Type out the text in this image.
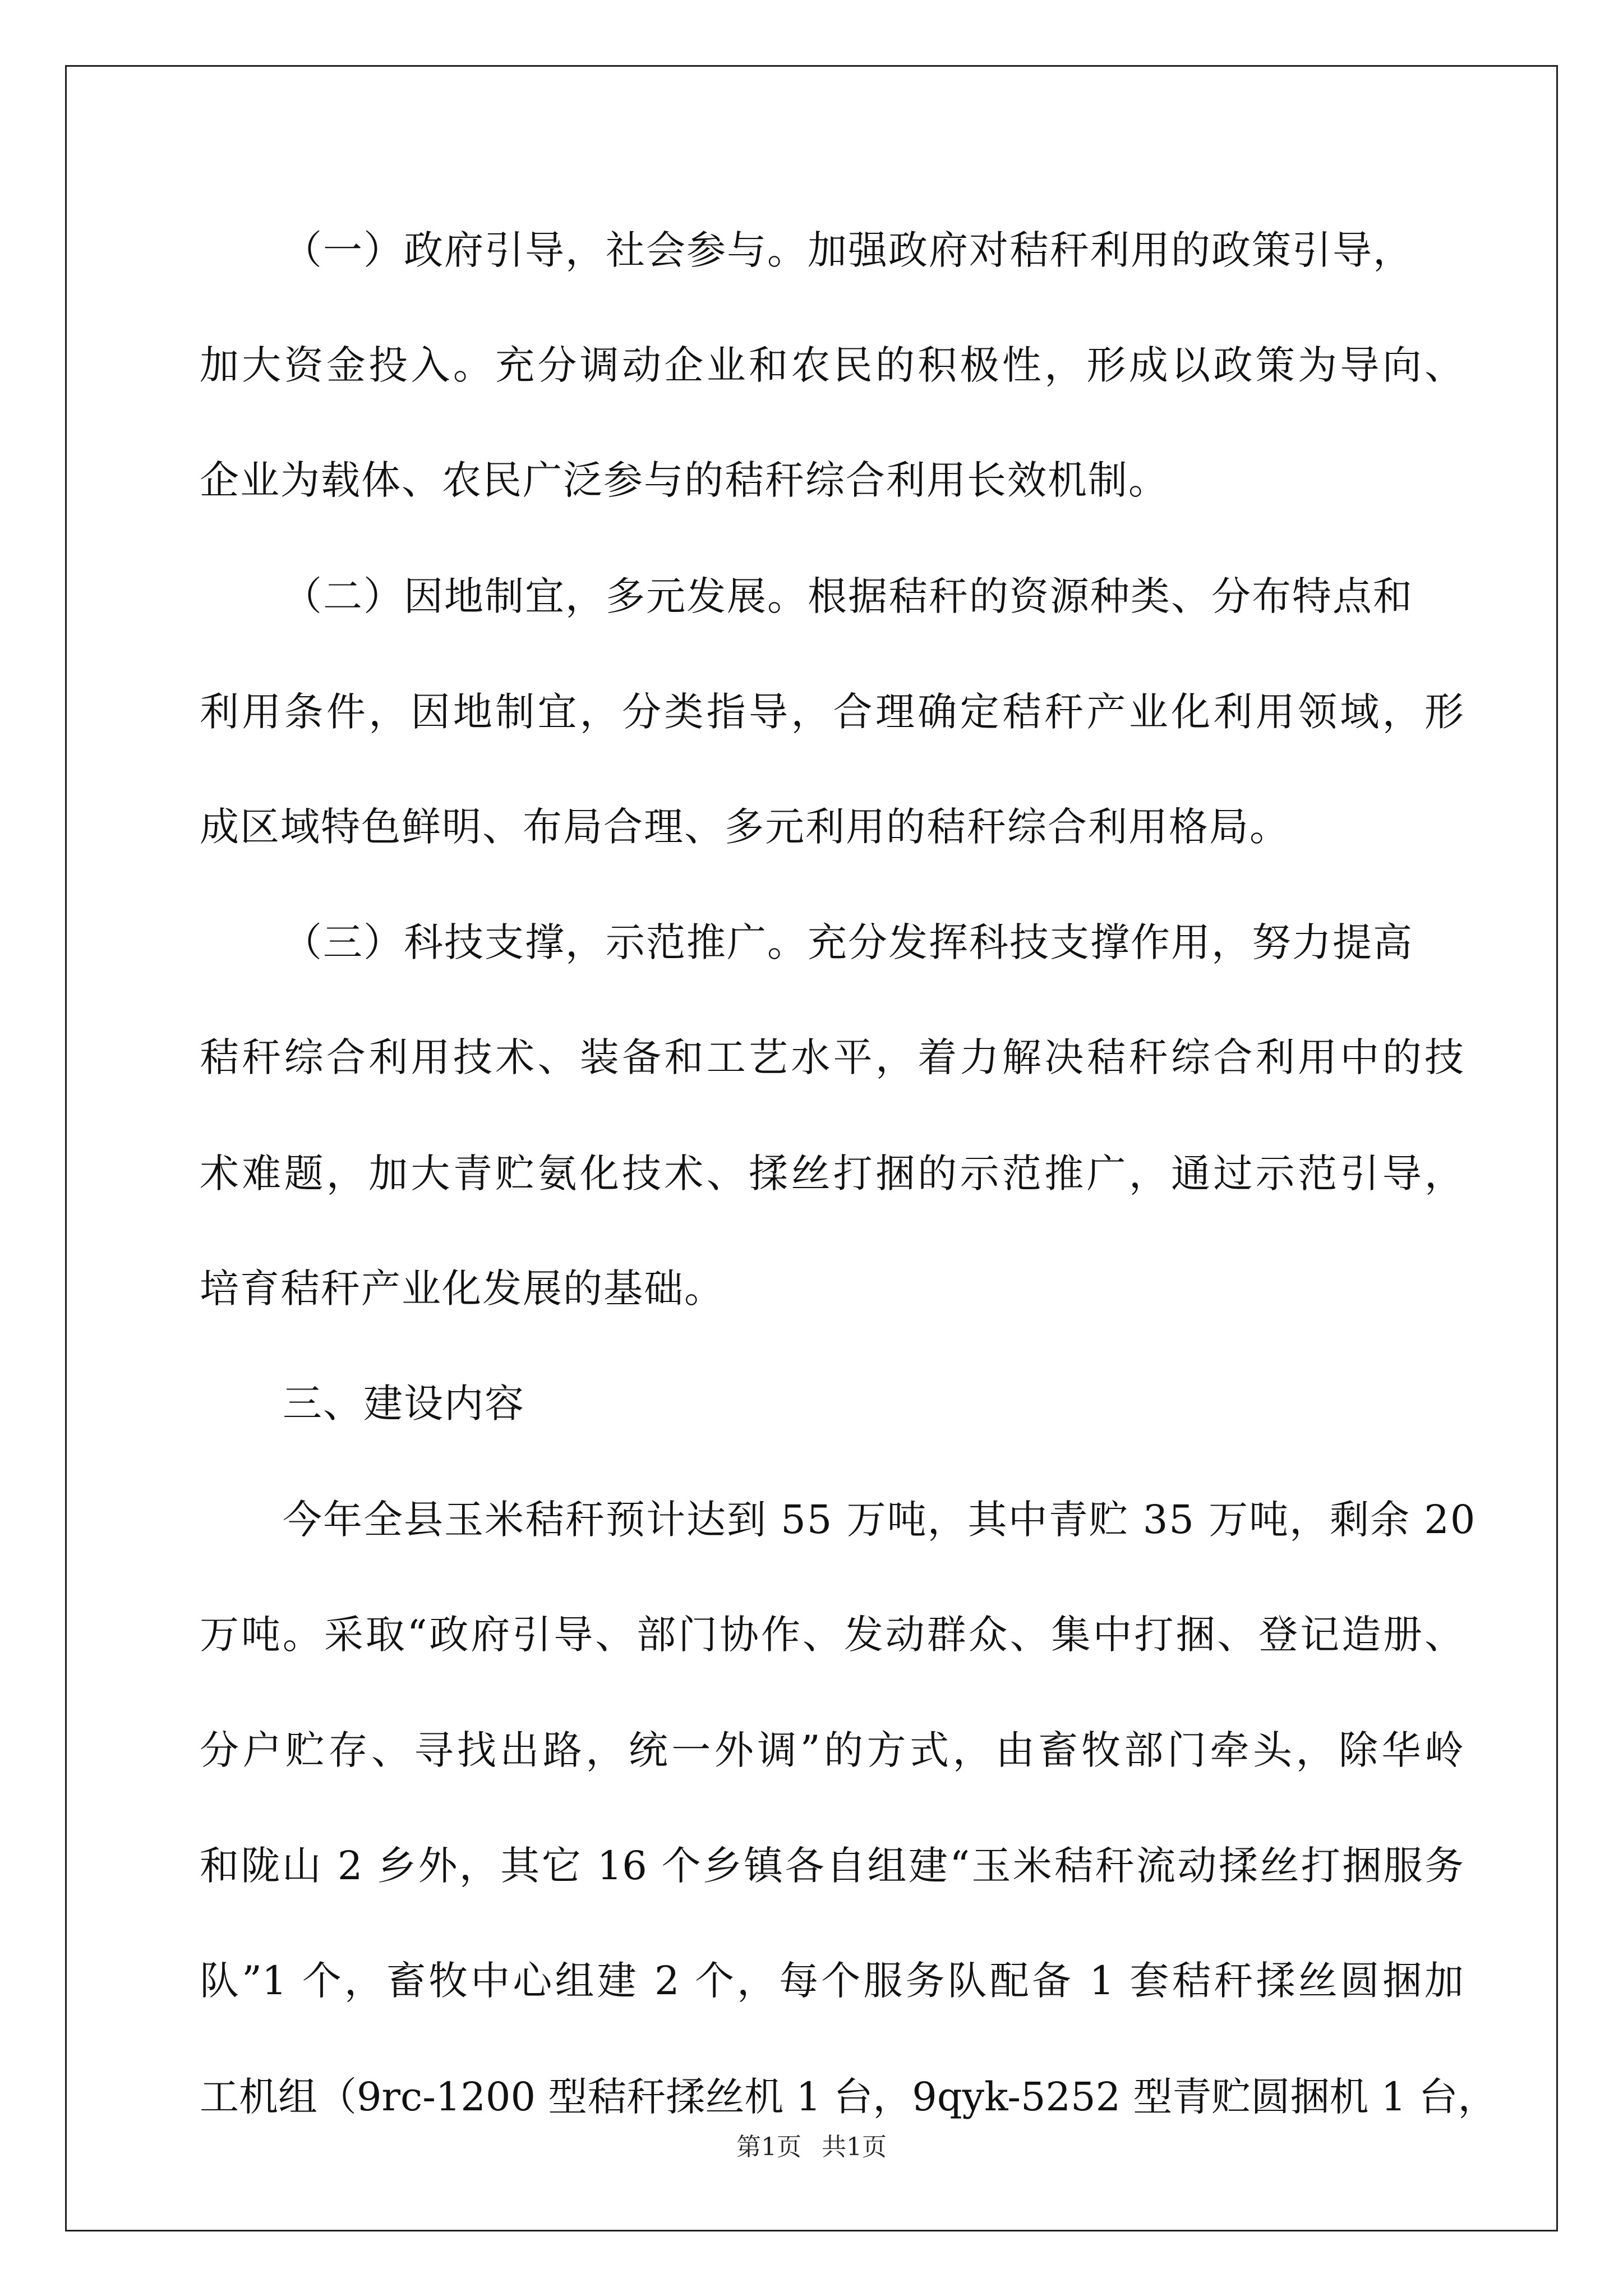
（一）政府引导，社会参与。加强政府对秸秆利用的政策引导，
加大资金投入。充分调动企业和农民的积极性，形成以政策为导向、
企业为载体、农民广泛参与的秸秆综合利用长效机制。
（二）因地制宜，多元发展。根据秸秆的资源种类、分布特点和
利用条件，因地制宜，分类指导，合理确定秸秆产业化利用领域，形
成区域特色鲜明、布局合理、多元利用的秸秆综合利用格局。
（三）科技支撑，示范推广。充分发挥科技支撑作用，努力提高
秸秆综合利用技术、装备和工艺水平，着力解决秸秆综合利用中的技
术难题，加大青贮氨化技术、揉丝打捆的示范推广，通过示范引导，
培育秸秆产业化发展的基础。
三、建设内容
今年全县玉米秸秆预计达到 55 万吨，其中青贮 35 万吨，剩余 20
万吨。采取“政府引导、部门协作、发动群众、集中打捆、登记造册、
分户贮存、寻找出路，统一外调”的方式，由畜牧部门牵头，除华岭
和陇山 2 乡外，其它 16 个乡镇各自组建“玉米秸秆流动揉丝打捆服务
队”1 个，畜牧中心组建 2 个，每个服务队配备 1 套秸秆揉丝圆捆加
工机组（9rc-1200 型秸秆揉丝机 1 台，9qyk-5252 型青贮圆捆机 1 台，
第1页 共1页
